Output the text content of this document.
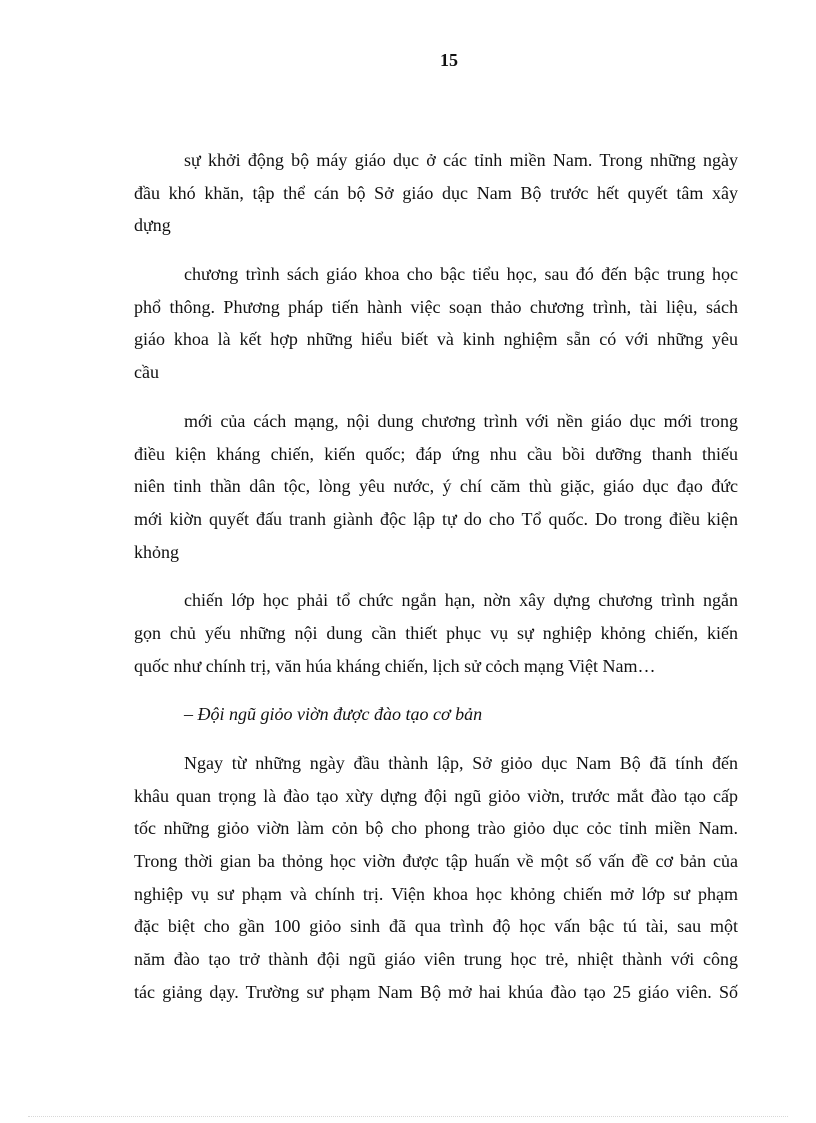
15
sự khởi động bộ máy giáo dục ở các tỉnh miền Nam. Trong những ngày
đầu khó khăn, tập thể cán bộ Sở giáo dục Nam Bộ trước hết quyết tâm xây
dựng
chương trình sách giáo khoa cho bậc tiểu học, sau đó đến bậc trung học
phổ thông. Phương pháp tiến hành việc soạn thảo chương trình, tài liệu, sách
giáo khoa là kết hợp những hiểu biết và kinh nghiệm sẵn có với những yêu
cầu
mới của cách mạng, nội dung chương trình với nền giáo dục mới trong
điều kiện kháng chiến, kiến quốc; đáp ứng nhu cầu bồi dưỡng thanh thiếu
niên tinh thần dân tộc, lòng yêu nước, ý chí căm thù giặc, giáo dục đạo đức
mới kiờn quyết đấu tranh giành độc lập tự do cho Tổ quốc. Do trong điều kiện
khỏng
chiến lớp học phải tổ chức ngắn hạn, nờn xây dựng chương trình ngắn
gọn chủ yếu những nội dung cần thiết phục vụ sự nghiệp khỏng chiến, kiến
quốc như chính trị, văn húa kháng chiến, lịch sử cỏch mạng Việt Nam…
– Đội ngũ giỏo viờn được đào tạo cơ bản
Ngay từ những ngày đầu thành lập, Sở giỏo dục Nam Bộ đã tính đến
khâu quan trọng là đào tạo xừy dựng đội ngũ giỏo viờn, trước mắt đào tạo cấp
tốc những giỏo viờn làm cỏn bộ cho phong trào giỏo dục cỏc tỉnh miền Nam.
Trong thời gian ba thỏng học viờn được tập huấn về một số vấn đề cơ bản của
nghiệp vụ sư phạm và chính trị. Viện khoa học khỏng chiến mở lớp sư phạm
đặc biệt cho gần 100 giỏo sinh đã qua trình độ học vấn bậc tú tài, sau một
năm đào tạo trở thành đội ngũ giáo viên trung học trẻ, nhiệt thành với công
tác giảng dạy. Trường sư phạm Nam Bộ mở hai khúa đào tạo 25 giáo viên. Số
